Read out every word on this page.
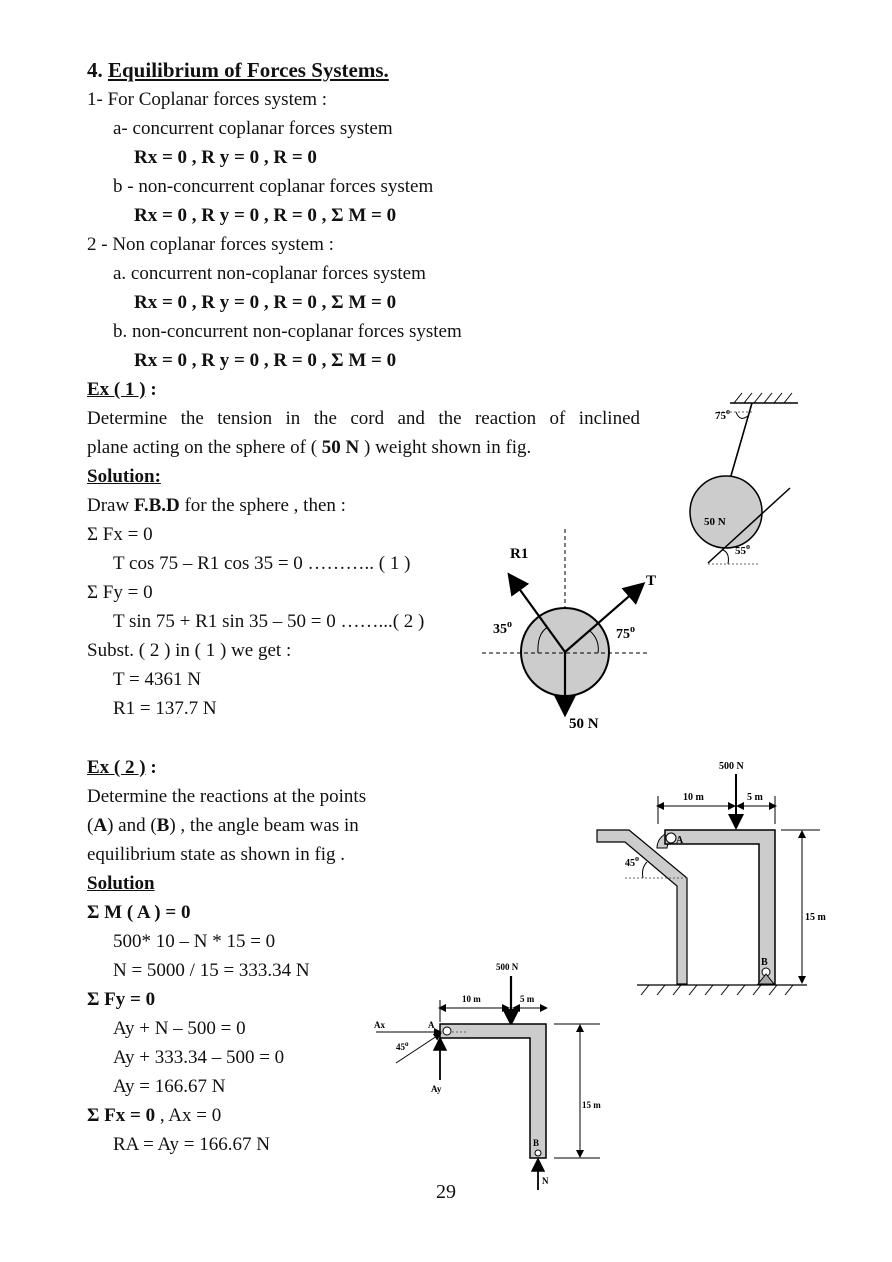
4. Equilibrium of Forces Systems.
1- For Coplanar forces system :
a- concurrent coplanar forces system
Rx = 0 , R y = 0 , R = 0
b - non-concurrent coplanar forces system
Rx = 0 , R y = 0 , R = 0 , Σ M = 0
2 - Non coplanar forces system :
a. concurrent non-coplanar forces system
Rx = 0 , R y = 0 , R = 0 , Σ M = 0
b. non-concurrent non-coplanar forces system
Rx = 0 , R y = 0 , R = 0 , Σ M = 0
Ex ( 1 ) :
Determine the tension in the cord and the reaction of inclined
plane acting on the sphere of ( 50 N ) weight shown in fig.
Solution:
Draw F.B.D for the sphere , then :
Σ Fx = 0
T cos 75 – R1 cos 35 = 0 ……….. ( 1 )
Σ Fy = 0
T sin 75 + R1 sin 35 – 50 = 0 ……...( 2 )
Subst. ( 2 ) in ( 1 ) we get :
T = 4361 N
R1 = 137.7 N
Ex ( 2 ) :
Determine the reactions at the points
(A) and (B) , the angle beam was in
equilibrium state as shown in fig .
Solution
Σ M ( A ) = 0
500* 10 – N * 15 = 0
N = 5000 / 15 = 333.34 N
Σ Fy = 0
Ay + N – 500 = 0
Ay + 333.34 – 500 = 0
Ay = 166.67 N
Σ Fx = 0 , Ax = 0
RA = Ay = 166.67 N
75$^o$
50 N
55$^o$
R1
T
50 N
35$^o$
75$^o$
500 N
10 m	5 m
A
45$^o$
B
15 m
500 N
10 m	5 m
A
Ax
45$^o$
Ay
15 m
B
N
29
